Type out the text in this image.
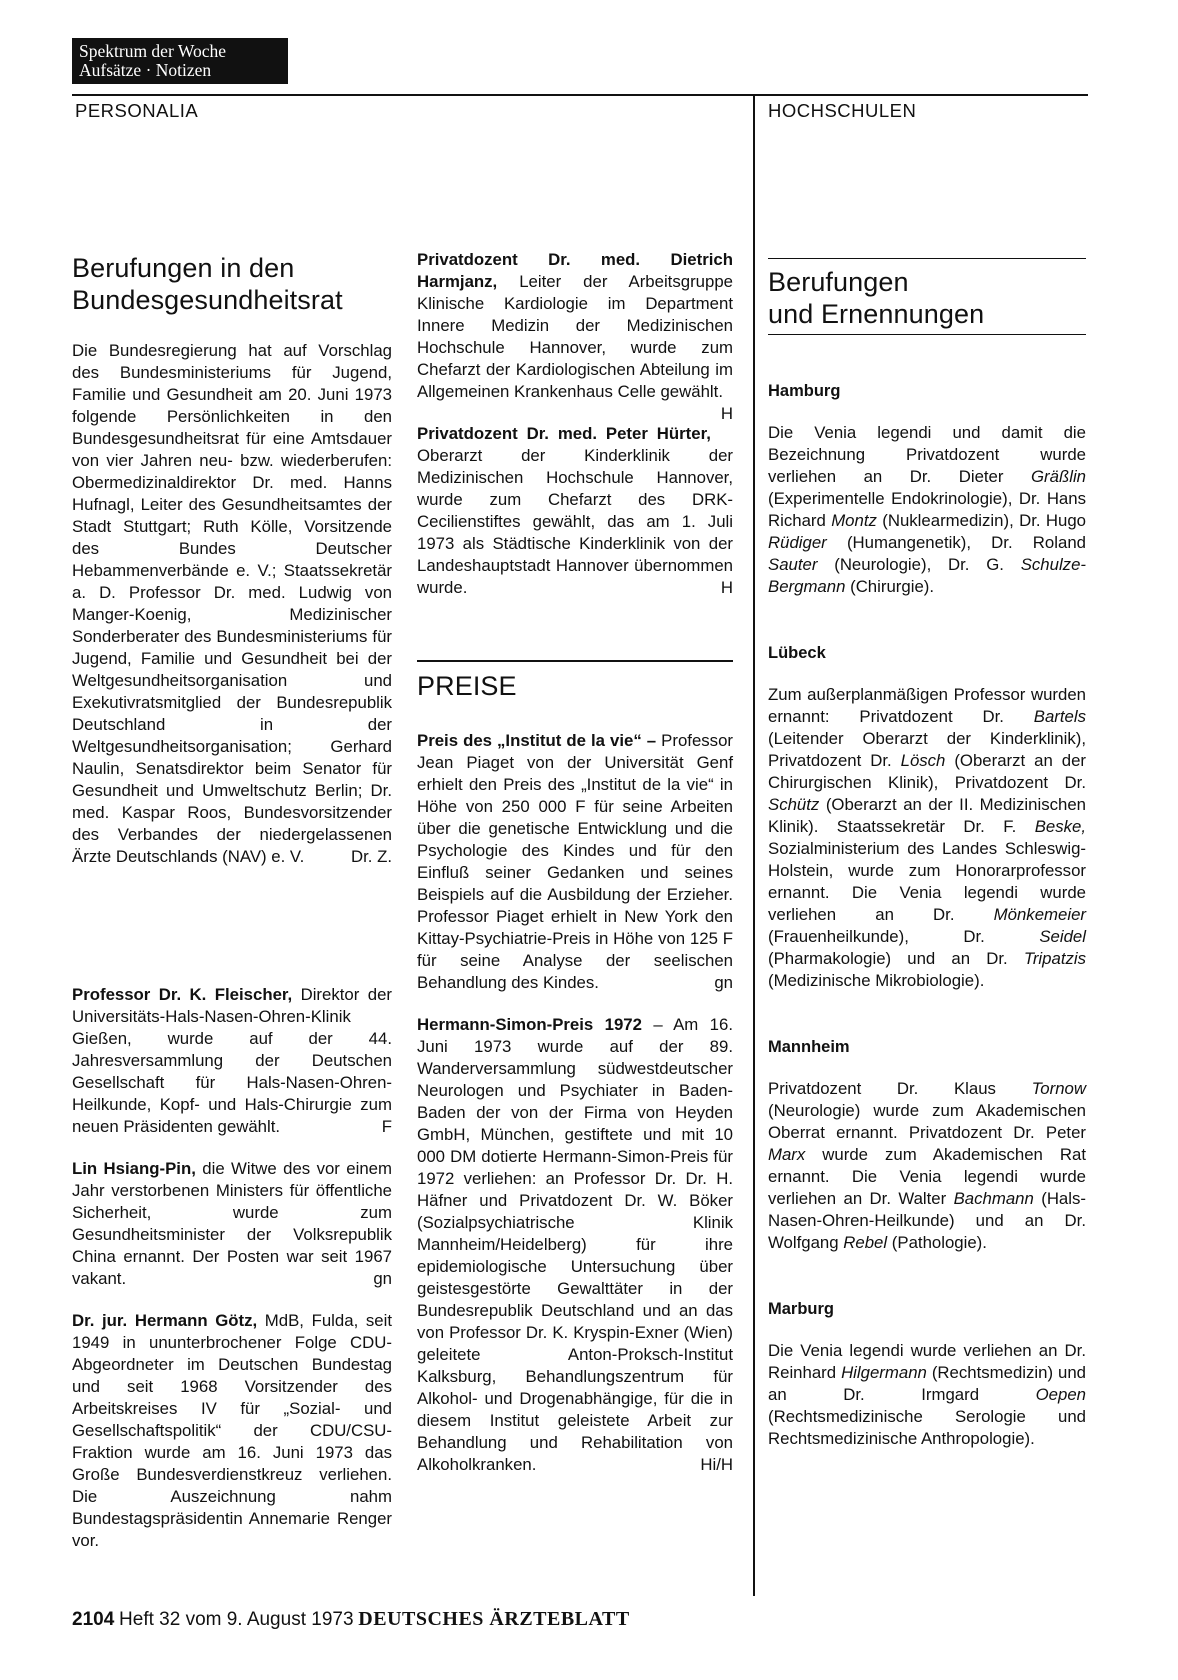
Spektrum der Woche
Aufsätze · Notizen
PERSONALIA	HOCHSCHULEN
Berufungen in den
Bundesgesundheitsrat

Die Bundesregierung hat auf Vorschlag des Bundesministeriums für Jugend, Familie und Gesundheit am 20. Juni 1973 folgende Persönlichkeiten in den Bundesgesundheitsrat für eine Amtsdauer von vier Jahren neu- bzw. wiederberufen: Obermedizinaldirektor Dr. med. Hanns Hufnagl, Leiter des Gesundheitsamtes der Stadt Stuttgart; Ruth Kölle, Vorsitzende des Bundes Deutscher Hebammenverbände e. V.; Staatssekretär a. D. Professor Dr. med. Ludwig von Manger-Koenig, Medizinischer Sonderberater des Bundesministeriums für Jugend, Familie und Gesundheit bei der Weltgesundheitsorganisation und Exekutivratsmitglied der Bundesrepublik Deutschland in der Weltgesundheitsorganisation; Gerhard Naulin, Senatsdirektor beim Senator für Gesundheit und Umweltschutz Berlin; Dr. med. Kaspar Roos, Bundesvorsitzender des Verbandes der niedergelassenen Ärzte Deutschlands (NAV) e. V.	Dr. Z.

Professor Dr. K. Fleischer, Direktor der Universitäts-Hals-Nasen-Ohren-Klinik Gießen, wurde auf der 44. Jahresversammlung der Deutschen Gesellschaft für Hals-Nasen-Ohren-Heilkunde, Kopf- und Hals-Chirurgie zum neuen Präsidenten gewählt.	F

Lin Hsiang-Pin, die Witwe des vor einem Jahr verstorbenen Ministers für öffentliche Sicherheit, wurde zum Gesundheitsminister der Volksrepublik China ernannt. Der Posten war seit 1967 vakant.	gn

Dr. jur. Hermann Götz, MdB, Fulda, seit 1949 in ununterbrochener Folge CDU-Abgeordneter im Deutschen Bundestag und seit 1968 Vorsitzender des Arbeitskreises IV für „Sozial- und Gesellschaftspolitik“ der CDU/CSU-Fraktion wurde am 16. Juni 1973 das Große Bundesverdienstkreuz verliehen. Die Auszeichnung nahm Bundestagspräsidentin Annemarie Renger vor.

Privatdozent Dr. med. Dietrich Harmjanz, Leiter der Arbeitsgruppe Klinische Kardiologie im Department Innere Medizin der Medizinischen Hochschule Hannover, wurde zum Chefarzt der Kardiologischen Abteilung im Allgemeinen Krankenhaus Celle gewählt.
H

Privatdozent Dr. med. Peter Hürter, Oberarzt der Kinderklinik der Medizinischen Hochschule Hannover, wurde zum Chefarzt des DRK-Cecilienstiftes gewählt, das am 1. Juli 1973 als Städtische Kinderklinik von der Landeshauptstadt Hannover übernommen wurde.	H

PREISE

Preis des „Institut de la vie“ – Professor Jean Piaget von der Universität Genf erhielt den Preis des „Institut de la vie“ in Höhe von 250 000 F für seine Arbeiten über die genetische Entwicklung und die Psychologie des Kindes und für den Einfluß seiner Gedanken und seines Beispiels auf die Ausbildung der Erzieher. Professor Piaget erhielt in New York den Kittay-Psychiatrie-Preis in Höhe von 125 F für seine Analyse der seelischen Behandlung des Kindes.	gn

Hermann-Simon-Preis 1972 – Am 16. Juni 1973 wurde auf der 89. Wanderversammlung südwestdeutscher Neurologen und Psychiater in Baden-Baden der von der Firma von Heyden GmbH, München, gestiftete und mit 10 000 DM dotierte Hermann-Simon-Preis für 1972 verliehen: an Professor Dr. Dr. H. Häfner und Privatdozent Dr. W. Böker (Sozialpsychiatrische Klinik Mannheim/Heidelberg) für ihre epidemiologische Untersuchung über geistesgestörte Gewalttäter in der Bundesrepublik Deutschland und an das von Professor Dr. K. Kryspin-Exner (Wien) geleitete Anton-Proksch-Institut Kalksburg, Behandlungszentrum für Alkohol- und Drogenabhängige, für die in diesem Institut geleistete Arbeit zur Behandlung und Rehabilitation von Alkoholkranken.	Hi/H

Berufungen
und Ernennungen
Hamburg

Die Venia legendi und damit die Bezeichnung Privatdozent wurde verliehen an Dr. Dieter Gräßlin (Experimentelle Endokrinologie), Dr. Hans Richard Montz (Nuklearmedizin), Dr. Hugo Rüdiger (Humangenetik), Dr. Roland Sauter (Neurologie), Dr. G. Schulze-Bergmann (Chirurgie).

Lübeck

Zum außerplanmäßigen Professor wurden ernannt: Privatdozent Dr. Bartels (Leitender Oberarzt der Kinderklinik), Privatdozent Dr. Lösch (Oberarzt an der Chirurgischen Klinik), Privatdozent Dr. Schütz (Oberarzt an der II. Medizinischen Klinik). Staatssekretär Dr. F. Beske, Sozialministerium des Landes Schleswig-Holstein, wurde zum Honorarprofessor ernannt. Die Venia legendi wurde verliehen an Dr. Mönkemeier (Frauenheilkunde), Dr. Seidel (Pharmakologie) und an Dr. Tripatzis (Medizinische Mikrobiologie).

Mannheim

Privatdozent Dr. Klaus Tornow (Neurologie) wurde zum Akademischen Oberrat ernannt. Privatdozent Dr. Peter Marx wurde zum Akademischen Rat ernannt. Die Venia legendi wurde verliehen an Dr. Walter Bachmann (Hals-Nasen-Ohren-Heilkunde) und an Dr. Wolfgang Rebel (Pathologie).

Marburg

Die Venia legendi wurde verliehen an Dr. Reinhard Hilgermann (Rechtsmedizin) und an Dr. Irmgard Oepen (Rechtsmedizinische Serologie und Rechtsmedizinische Anthropologie).

2104 Heft 32 vom 9. August 1973 DEUTSCHES ÄRZTEBLATT
